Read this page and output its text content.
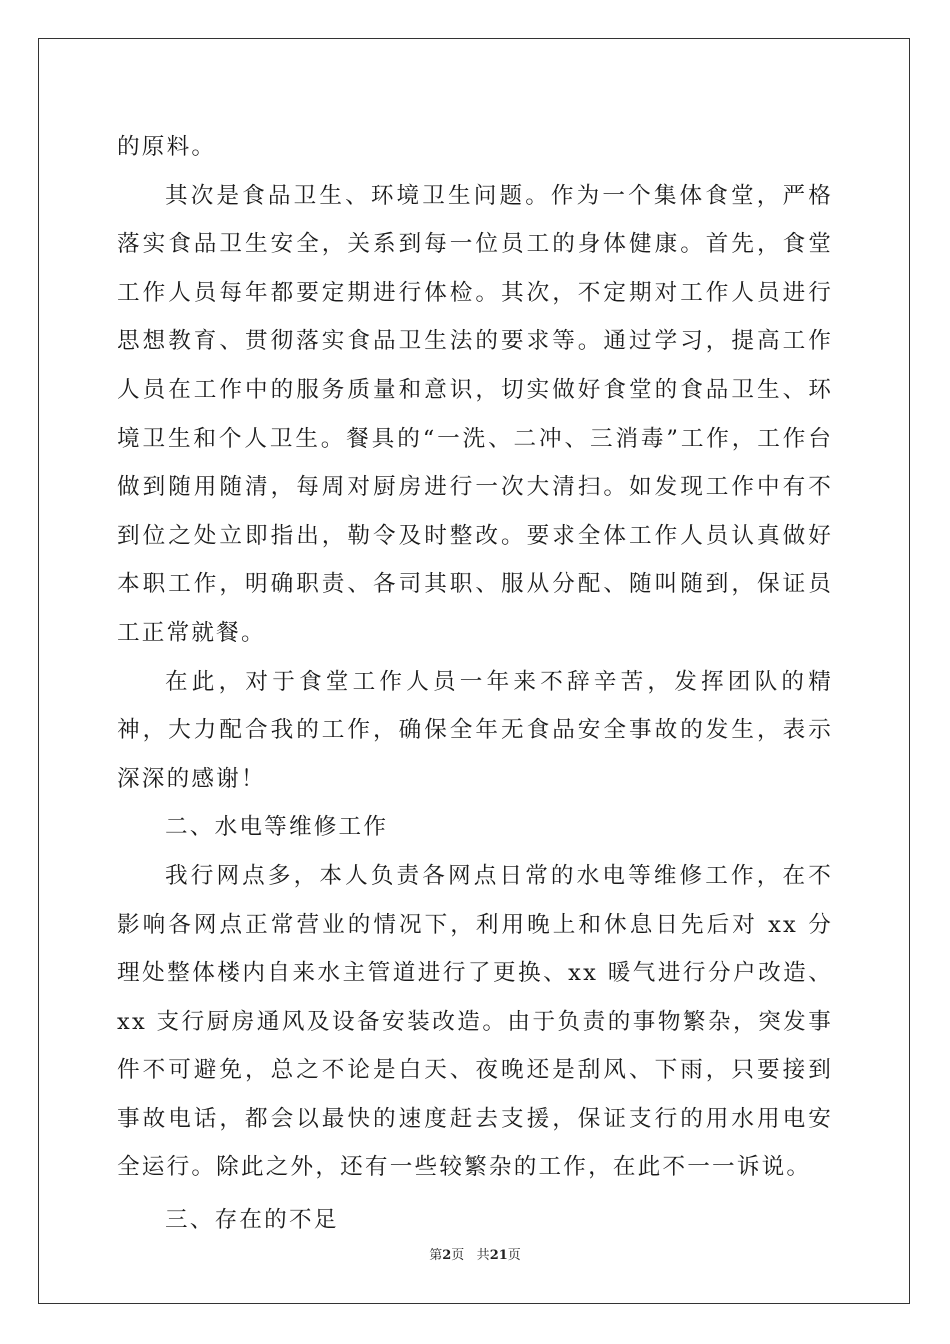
的原料。

其次是食品卫生、环境卫生问题。作为一个集体食堂，严格落实食品卫生安全，关系到每一位员工的身体健康。首先，食堂工作人员每年都要定期进行体检。其次，不定期对工作人员进行思想教育、贯彻落实食品卫生法的要求等。通过学习，提高工作人员在工作中的服务质量和意识，切实做好食堂的食品卫生、环境卫生和个人卫生。餐具的“一洗、二冲、三消毒”工作，工作台做到随用随清，每周对厨房进行一次大清扫。如发现工作中有不到位之处立即指出，勒令及时整改。要求全体工作人员认真做好本职工作，明确职责、各司其职、服从分配、随叫随到，保证员工正常就餐。

在此，对于食堂工作人员一年来不辞辛苦，发挥团队的精神，大力配合我的工作，确保全年无食品安全事故的发生，表示深深的感谢！

二、水电等维修工作

我行网点多，本人负责各网点日常的水电等维修工作，在不影响各网点正常营业的情况下，利用晚上和休息日先后对 xx 分理处整体楼内自来水主管道进行了更换、xx 暖气进行分户改造、xx 支行厨房通风及设备安装改造。由于负责的事物繁杂，突发事件不可避免，总之不论是白天、夜晚还是刮风、下雨，只要接到事故电话，都会以最快的速度赶去支援，保证支行的用水用电安全运行。除此之外，还有一些较繁杂的工作，在此不一一诉说。

三、存在的不足

第2页 共21页
